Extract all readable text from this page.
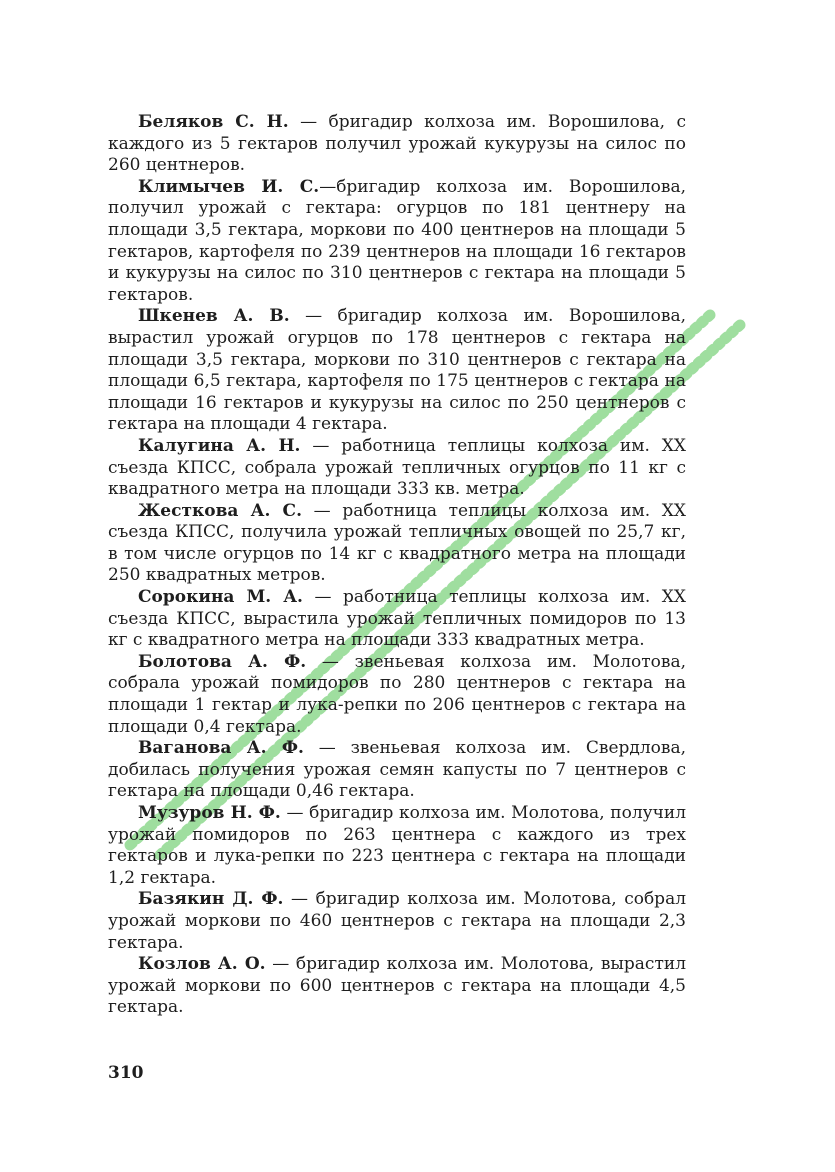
Беляков С. Н. — бригадир колхоза им. Ворошилова, с каждого из 5 гектаров получил урожай кукурузы на силос по 260 центнеров.

Климычев И. С.—бригадир колхоза им. Ворошилова, получил урожай с гектара: огурцов по 181 центнеру на площади 3,5 гектара, моркови по 400 центнеров на площади 5 гектаров, картофеля по 239 центнеров на площади 16 гектаров и кукурузы на силос по 310 центнеров с гектара на площади 5 гектаров.

Шкенев А. В. — бригадир колхоза им. Ворошилова, вырастил урожай огурцов по 178 центнеров с гектара на площади 3,5 гектара, моркови по 310 центнеров с гектара на площади 6,5 гектара, картофеля по 175 центнеров с гектара на площади 16 гектаров и кукурузы на силос по 250 центнеров с гектара на площади 4 гектара.

Калугина А. Н. — работница теплицы колхоза им. XX съезда КПСС, собрала урожай тепличных огурцов по 11 кг с квадратного метра на площади 333 кв. метра.

Жесткова А. С. — работница теплицы колхоза им. XX съезда КПСС, получила урожай тепличных овощей по 25,7 кг, в том числе огурцов по 14 кг с квадратного метра на площади 250 квадратных метров.

Сорокина М. А. — работница теплицы колхоза им. XX съезда КПСС, вырастила урожай тепличных помидоров по 13 кг с квадратного метра на площади 333 квадратных метра.

Болотова А. Ф. — звеньевая колхоза им. Молотова, собрала урожай помидоров по 280 центнеров с гектара на площади 1 гектар и лука-репки по 206 центнеров с гектара на площади 0,4 гектара.

Ваганова А. Ф. — звеньевая колхоза им. Свердлова, добилась получения урожая семян капусты по 7 центнеров с гектара на площади 0,46 гектара.

Музуров Н. Ф. — бригадир колхоза им. Молотова, получил урожай помидоров по 263 центнера с каждого из трех гектаров и лука-репки по 223 центнера с гектара на площади 1,2 гектара.

Базякин Д. Ф. — бригадир колхоза им. Молотова, собрал урожай моркови по 460 центнеров с гектара на площади 2,3 гектара.

Козлов А. О. — бригадир колхоза им. Молотова, вырастил урожай моркови по 600 центнеров с гектара на площади 4,5 гектара.

310
